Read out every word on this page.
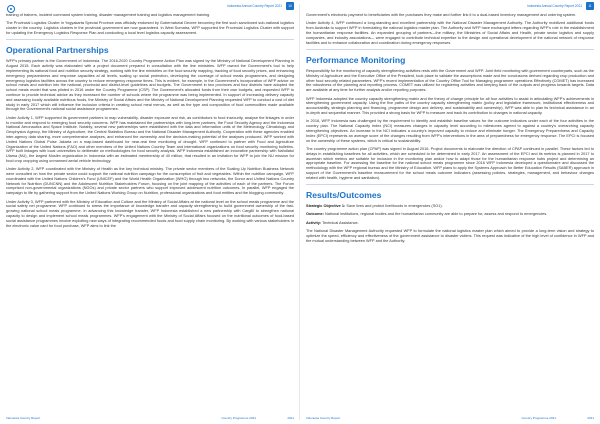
Indonesia Annual Country Report 2021	10

training of trainers, incident command system training, disaster management training and logistics management training.

The Provincial Logistics Cluster in Yogyakarta Special Province was officially endorsed by Gubernatorial Decree becoming the first such sanctioned sub-national logistics cluster in the country. Logistics clusters in the provincial government are now guaranteed. In West Sumatra, WFP supported the Provincial Logistics Cluster with support for updating the Emergency Logistics Response Plan and conducting a local level logistics capacity assessment.

Operational Partnerships

WFP's primary partner is the Government of Indonesia. The 2016-2020 Country Programme Action Plan was signed by the Ministry of National Development Planning in August 2015. Each activity was elaborated with a project document prepared in consultation with the line ministries. WFP owned the Government's tool to help implementing its national food and nutrition security strategy, working with the line ministries on the food security mapping, tracking of food security prices, and enhancing emergency preparedness and response capacities at all levels, scaling up social protection, developing the coverage of school meals programmes, and designing emergency logistics facilities across the country to reduce emergency response times. This is evident, for example, in the Government's incorporation of WFP advice on school meals and nutrition into the national, provincial and district-level guidelines and budgets. The Government in two provinces and four districts have adopted the school meals model that was piloted in 2016 under the Country Programme (CSP). The Government's allocated funds from their own budgets, and requested WFP to continue to provide technical advice as they increased the number of schools where the programme was being implemented. In support of increasing delivery capacity and assessing locally available nutritious foods, the Ministry of Social Affairs and the Ministry of National Development Planning requested WFP to conduct a cost of diet study in early 2017 which will influence the inclusion criteria in creating school meal menus, as well as the type and composition of food commodities made available through the Government's national social assistance programmes.

Under Activity 1, WFP supported its government partners to map vulnerability, disaster exposure and risk, as contributors to food insecurity, analyse the linkages in order to monitor and respond to emerging food security concerns. WFP has maintained the partnerships with long-term partners, the Food Security Agency and the Indonesia National Aeronautics and Space Institute. Notably, several new partnerships were established with the data and information units of the Meteorology Climatology and Geophysics Agency, the Ministry of Agriculture, the Central Statistics Bureau and the National Disaster Management Authority. Cooperation with these agencies enabled inter-agency data sharing, more comprehensive analyses, and enhanced the ownership and the decision-making potential of the analyses produced. WFP worked with United Nations Global Pulse Jakarta on a map-based dashboard for near-real time monitoring of drought. WFP continued to partner with Food and Agriculture Organization of the United Nations (FAO) and other members of the United Nations Country Team and international organizations on food security monitoring bulletins. WFP built linkages with local universities to deliberate on methodologies for food security analysis. WFP Indonesia established an innovative partnership with Nahdlatul Ulama (NU), the largest Muslim organization in Indonesia with an estimated membership of 40 million, that resulted in an invitation for WFP to join the NU mission for food crop cropping using unmanned aerial vehicle technology.

Under Activity 2, WFP coordinated with the Ministry of Health as the key technical ministry. The private sector members of the Scaling Up Nutrition Business Network were consulted on how the private sector could support the national nutrition campaign for the consumption of fruit and vegetables. Within the nutrition campaign, WFP coordinated with the United Nations Children's Fund (UNICEF) and the World Health Organization (WHO) through two networks, the Donor and United Nations Country Network for Nutrition (DUNCNN) and the Adolescent Nutrition Stakeholders Forum, focusing on the joint mapping of the activities of each of the partners. The Forum comprised non-governmental organizations (NGOs) and private sector partners who support improved adolescent nutrition outcomes. In parallel, WFP engaged the campaign to life by gathering support from the United Nations Working Group on Nutrition, professional organizations and food entities and the blogging community.

Under Activity 3, WFP partnered with the Ministry of Education and Culture and the Ministry of Social Affairs at the national level on the school meals programme and the social safety net programme. WFP continued to stress the importance of knowledge transfer and capacity strengthening to build government ownership of the fast-growing national school meals programme. In advancing this knowledge transfer, WFP Indonesia established a new partnership with CargillI to strengthen national capacity to design and implement school meals programmes. WFP's engagement with the Ministry of Social Affairs focused on the nutritional outcomes of food-based social assistance programmes involve exploiting new ways of integrating recommended foods and food supply chain monitoring. By working with various stakeholders in the electronic value card for food purchase, WFP aims to link the

Indonesia Country Report	Country Programme 2021	2021
Indonesia Annual Country Report 2021	11

Government's electronic payment to beneficiaries with the purchases they make and further link it to a dual-based inventory management and ordering system.

Under Activity 4, WFP continued a long-standing and excellent partnership with the National Disaster Management Authority. The Authority mobilized additional funds from Australia to support WFP in formulating the national logistics master plan. The Authority and WFP have exchanged letters regarding WFP's role in the establishment the humanitarian response facilities. An expanded grouping of partners—the military, the Ministries of Social Affairs and Health, private sector logistics and supply companies, and industry associations— were engaged to contribute technical expertise to the design and operational development of the national network of response facilities and to enhance collaboration and coordination during emergency responses.

Performance Monitoring

Responsibility for the monitoring of capacity strengthening activities rests with the Government and WFP. Joint field monitoring with government counterparts, such as the Ministry of Agriculture and the Executive Office of the President, took place to validate the assumptions made and the conclusions derived regarding crop production and other food security related parameters. WFP's recent implementation of the Country Office Tool for Managing programme operations Effectively (COMET) has increased the robustness of the planning and reporting process. COMET was utilized for registering activities and keeping track of the outputs and progress towards targets. Data are available at any time for further analysis and/or reporting purposes.

WFP Indonesia adopted the country capacity strengthening matrix and the theory of change principle for all four activities to assist in articulating WFP's achievements in strengthening government capacity. Using the five paths of the country capacity strengthening matrix (policy and legislative framework, institutional effectiveness and accountability, strategic planning and financing, programme design and delivery, and sustainability and ownership), WFP was able to plan its technical assistance in an in-depth and sequential manner. This provided a strong basis for WFP to measure and track its contribution to changes in national capacity.

In 2016, WFP Indonesia was challenged by the requirement to identify and establish baseline values for the outcome indicators under each of the four activities in the country plan. The National Capacity Index (NCI) measures changes in capacity level according to milestones agreed to against a country's overarching capacity strengthening objectives. An increase in the NCI indicates a country's improved capacity to reduce and eliminate hunger. The Emergency Preparedness and Capacity Index (EPCI) represents an average score of the changes resulting from WFP's interventions in the area of preparedness for emergency response. The EPCI is focused on the ownership of these systems, which is critical to sustainability.

The country programme action plan (CPAP) was signed in August 2016. Project documents to elaborate the direction of CPAP continued in parallel. These factors led to delays in establishing baselines for all activities, which are scheduled to be determined in early 2017. An assessment of the EPCI and its metrics is planned in 2017 to ascertain which metrics are suitable for inclusion in the monitoring plan and/or how to adapt those for the humanitarian response hubs project and determining an appropriate baseline. For assessing the baseline for the national school meals programme since 2016 WFP Indonesia developed a questionnaire and discussed the methodology with the WFP regional bureau and the Ministry of Education. WFP plans to apply the Systems Approach for Better Education Results (SABER) approach in support of the Government's baseline measurement for the school meals outcome indicators (assessing policies, strategies, management, and behaviour changes related with health, hygiene and sanitation).

Results/Outcomes

Strategic Objective 1: Save lives and protect livelihoods in emergencies (SO1).

Outcome: National institutions, regional bodies and the humanitarian community are able to prepare for, assess and respond to emergencies.

Activity: Technical Assistance.

The National Disaster Management Authority requested WFP to formulate the national logistics master plan which aimed to provide a long-term vision and strategy to optimize the speed, efficiency and effectiveness of the government assistance to disaster victims. This request was indicative of the high level of confidence in WFP and the mutual understanding between WFP and the Authority.

Indonesia Country Report	Country Programme 2021	2021
